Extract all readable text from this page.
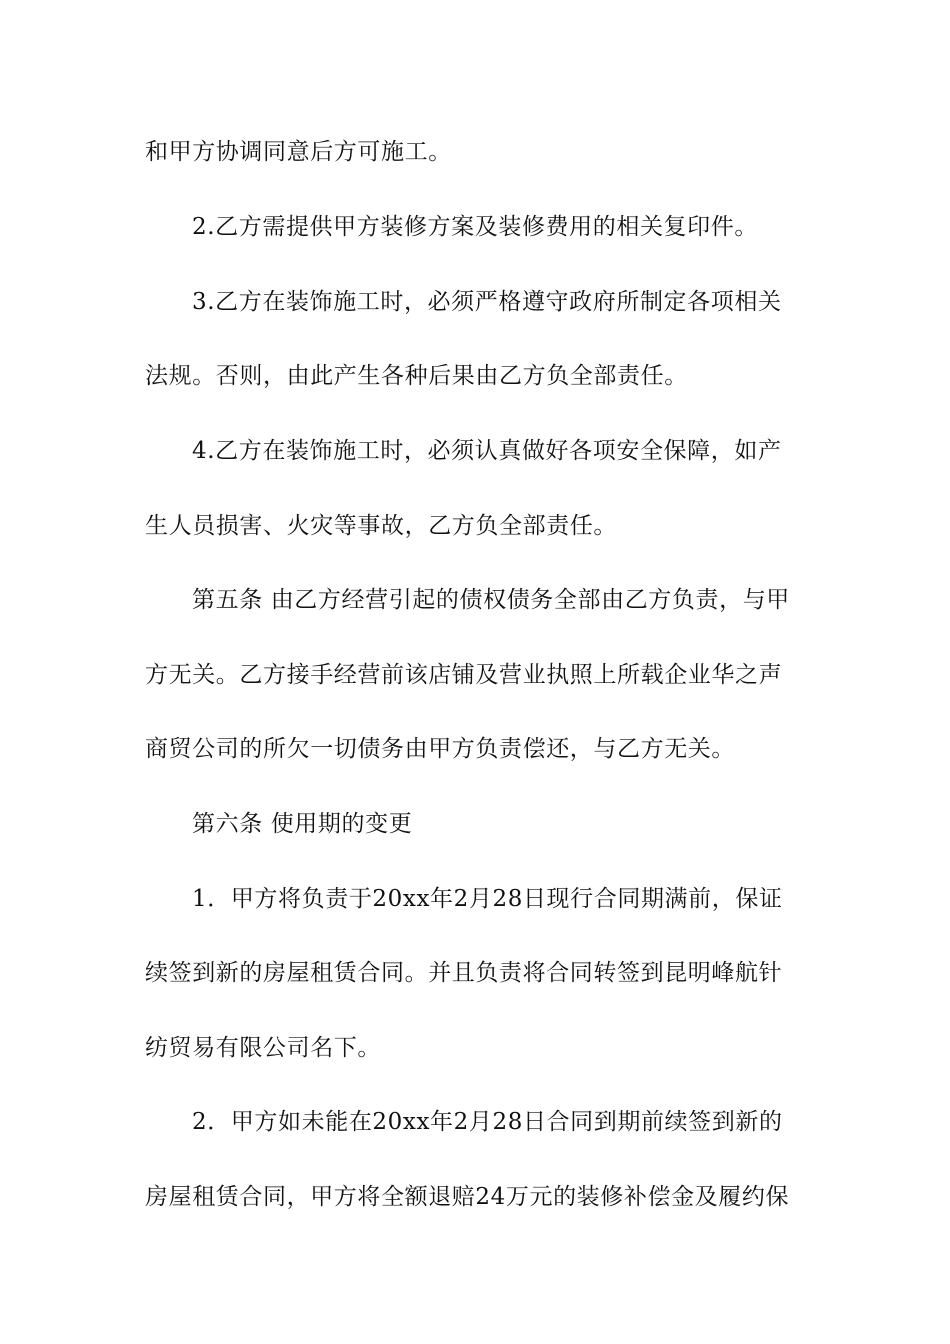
和甲方协调同意后方可施工。
2.乙方需提供甲方装修方案及装修费用的相关复印件。
3.乙方在装饰施工时，必须严格遵守政府所制定各项相关
法规。否则，由此产生各种后果由乙方负全部责任。
4.乙方在装饰施工时，必须认真做好各项安全保障，如产
生人员损害、火灾等事故，乙方负全部责任。
第五条 由乙方经营引起的债权债务全部由乙方负责，与甲
方无关。乙方接手经营前该店铺及营业执照上所载企业华之声
商贸公司的所欠一切债务由甲方负责偿还，与乙方无关。
第六条 使用期的变更
1．甲方将负责于20xx年2月28日现行合同期满前，保证
续签到新的房屋租赁合同。并且负责将合同转签到昆明峰航针
纺贸易有限公司名下。
2．甲方如未能在20xx年2月28日合同到期前续签到新的
房屋租赁合同，甲方将全额退赔24万元的装修补偿金及履约保
